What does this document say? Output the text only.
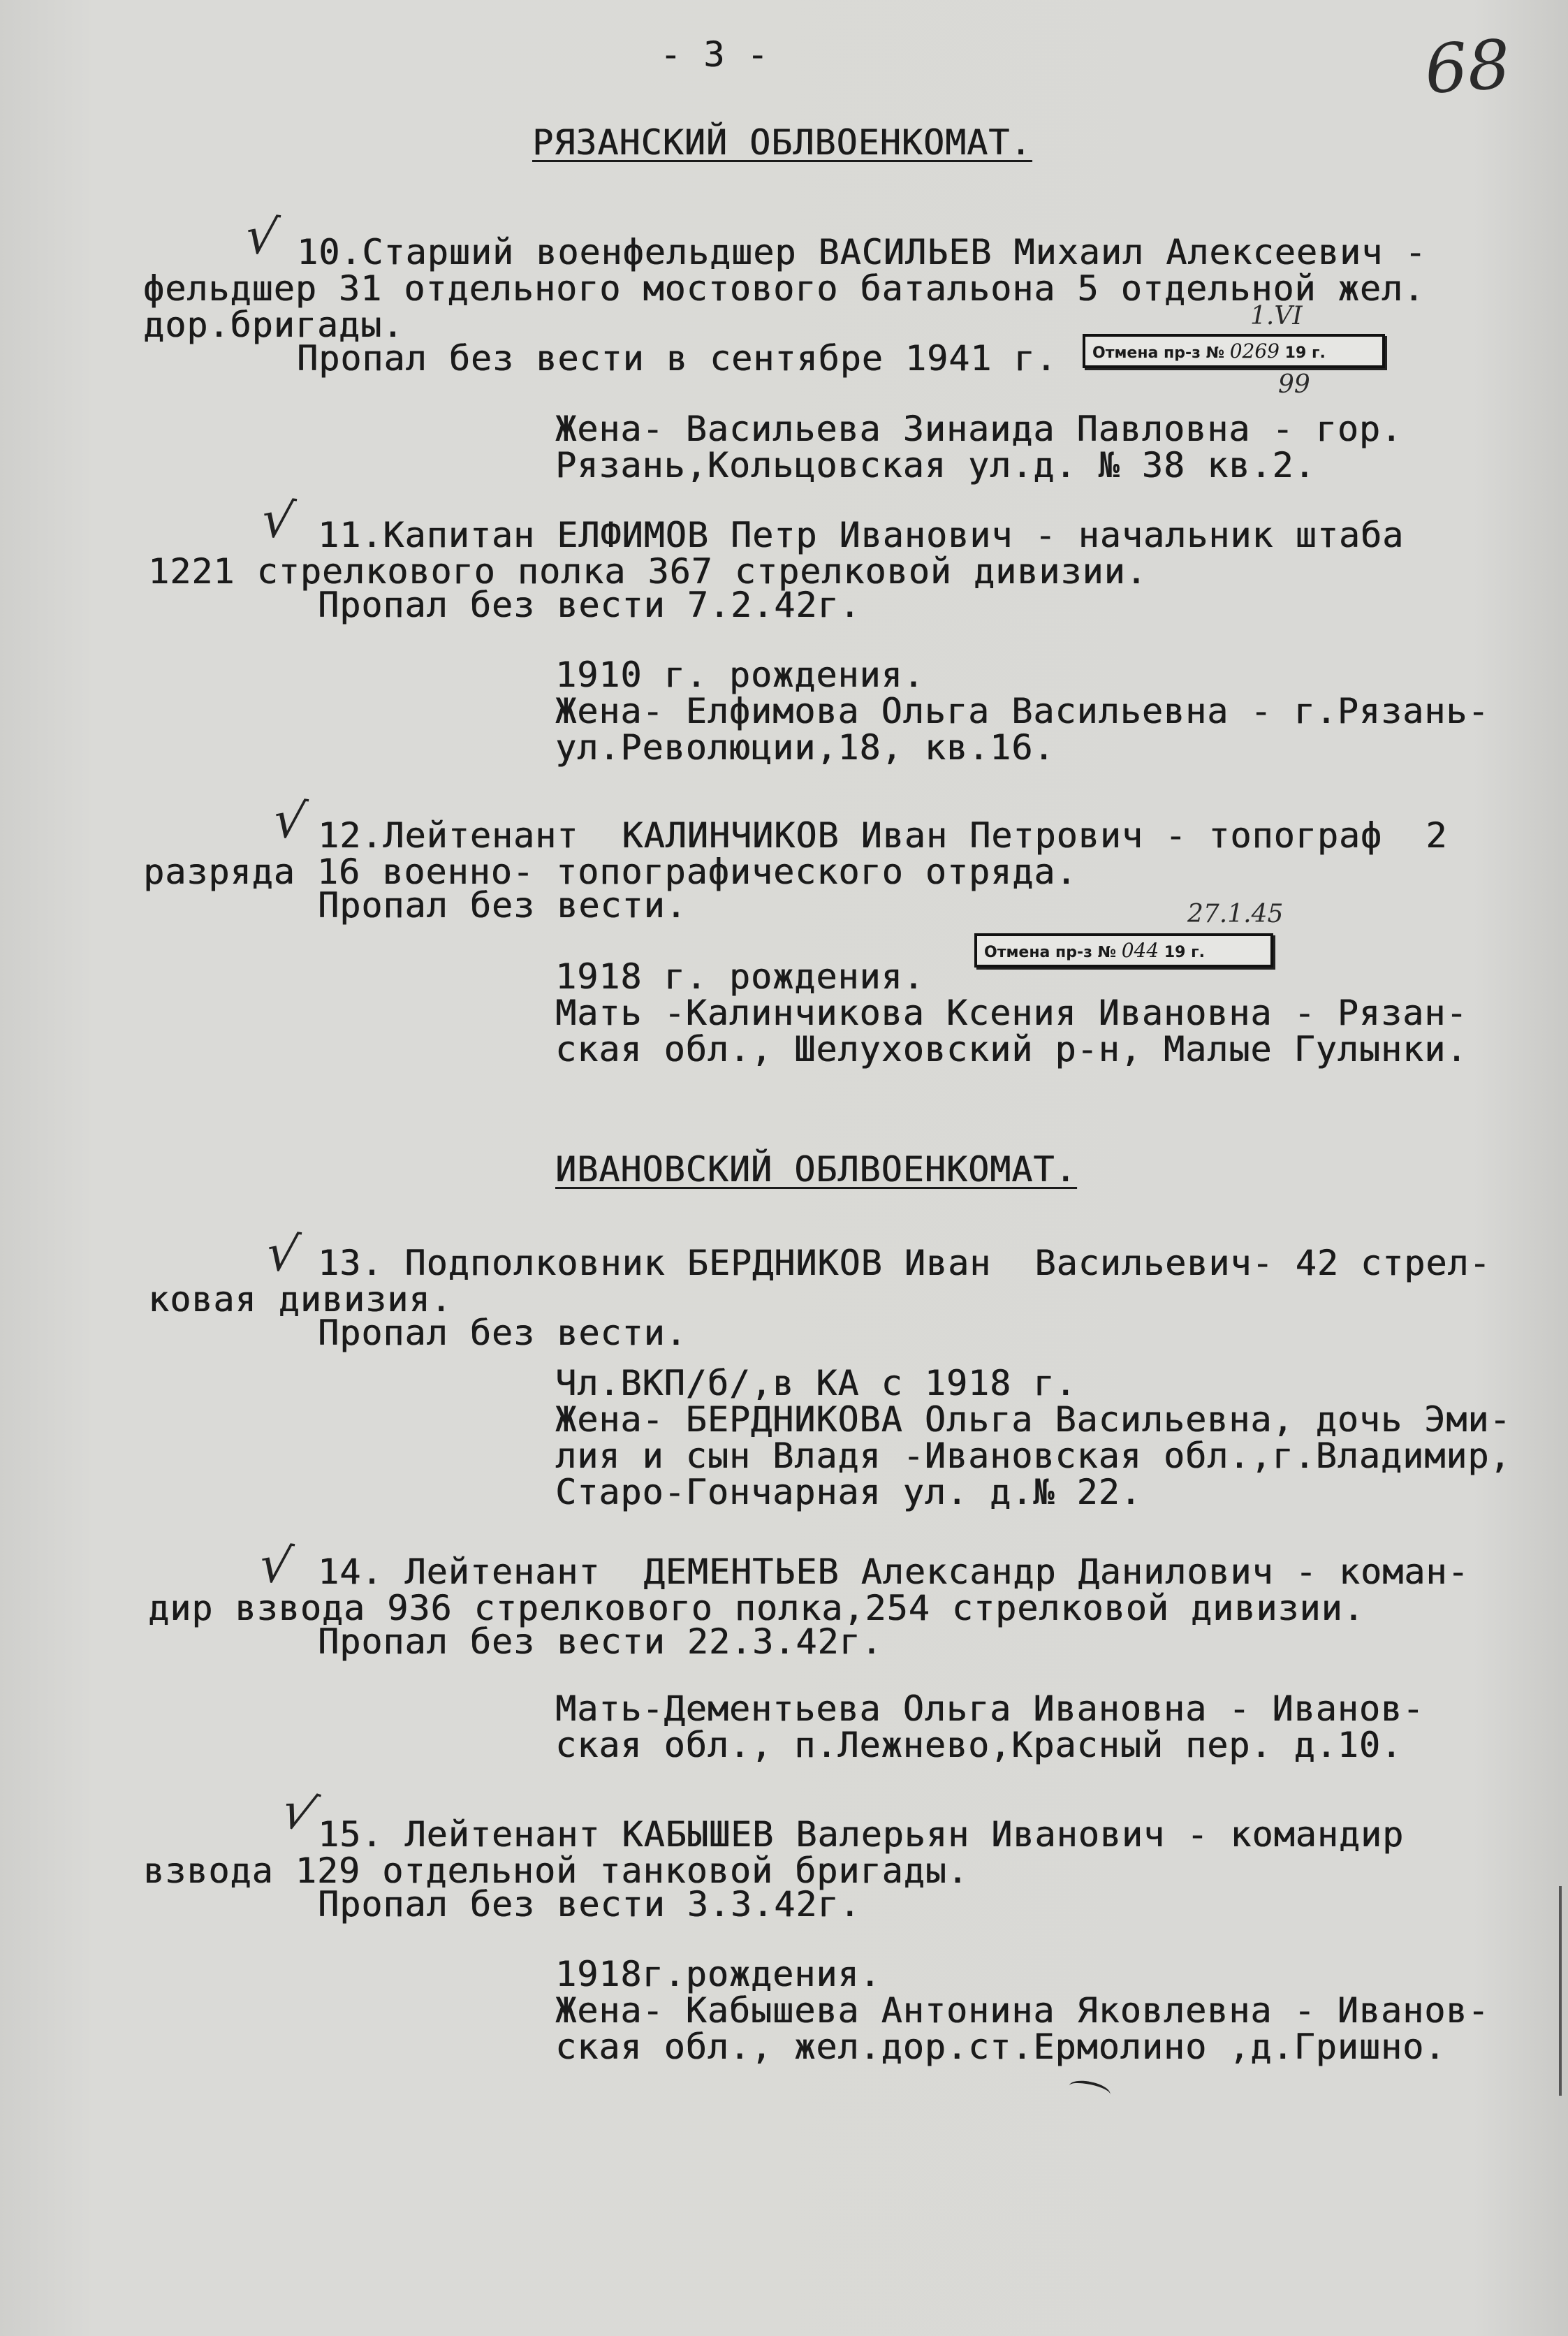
- 3 -	68
РЯЗАНСКИЙ ОБЛВОЕНКОМАТ.
√ 10.Старший военфельдшер ВАСИЛЬЕВ Михаил Алексеевич -
фельдшер 31 отдельного мостового батальона 5 отдельной жел.
дор.бригады.
Пропал без вести в сентябре 1941 г.
1.VI
Отмена пр-з № 0269 19 г.
99
Жена- Васильева Зинаида Павловна - гор.
Рязань,Кольцовская ул.д. № 38 кв.2.
√ 11.Капитан ЕЛФИМОВ Петр Иванович - начальник штаба
1221 стрелкового полка 367 стрелковой дивизии.
Пропал без вести 7.2.42г.
1910 г. рождения.
Жена- Елфимова Ольга Васильевна - г.Рязань-
ул.Революции,18, кв.16.
√ 12.Лейтенант  КАЛИНЧИКОВ Иван Петрович - топограф  2
разряда 16 военно- топографического отряда.
Пропал без вести.	27.1.45
Отмена пр-з № 044 19 г.
1918 г. рождения.
Мать -Калинчикова Ксения Ивановна - Рязан-
ская обл., Шелуховский р-н, Малые Гулынки.
ИВАНОВСКИЙ ОБЛВОЕНКОМАТ.
√ 13. Подполковник БЕРДНИКОВ Иван  Васильевич- 42 стрел-
ковая дивизия.
Пропал без вести.
Чл.ВКП/б/,в КА с 1918 г.
Жена- БЕРДНИКОВА Ольга Васильевна, дочь Эми-
лия и сын Владя -Ивановская обл.,г.Владимир,
Старо-Гончарная ул. д.№ 22.
√ 14. Лейтенант  ДЕМЕНТЬЕВ Александр Данилович - коман-
дир взвода 936 стрелкового полка,254 стрелковой дивизии.
Пропал без вести 22.3.42г.
Мать-Дементьева Ольга Ивановна - Иванов-
ская обл., п.Лежнево,Красный пер. д.10.
√
15. Лейтенант КАБЫШЕВ Валерьян Иванович - командир
взвода 129 отдельной танковой бригады.
Пропал без вести 3.3.42г.
1918г.рождения.
Жена- Кабышева Антонина Яковлевна - Иванов-
ская обл., жел.дор.ст.Ермолино ,д.Гришно.
